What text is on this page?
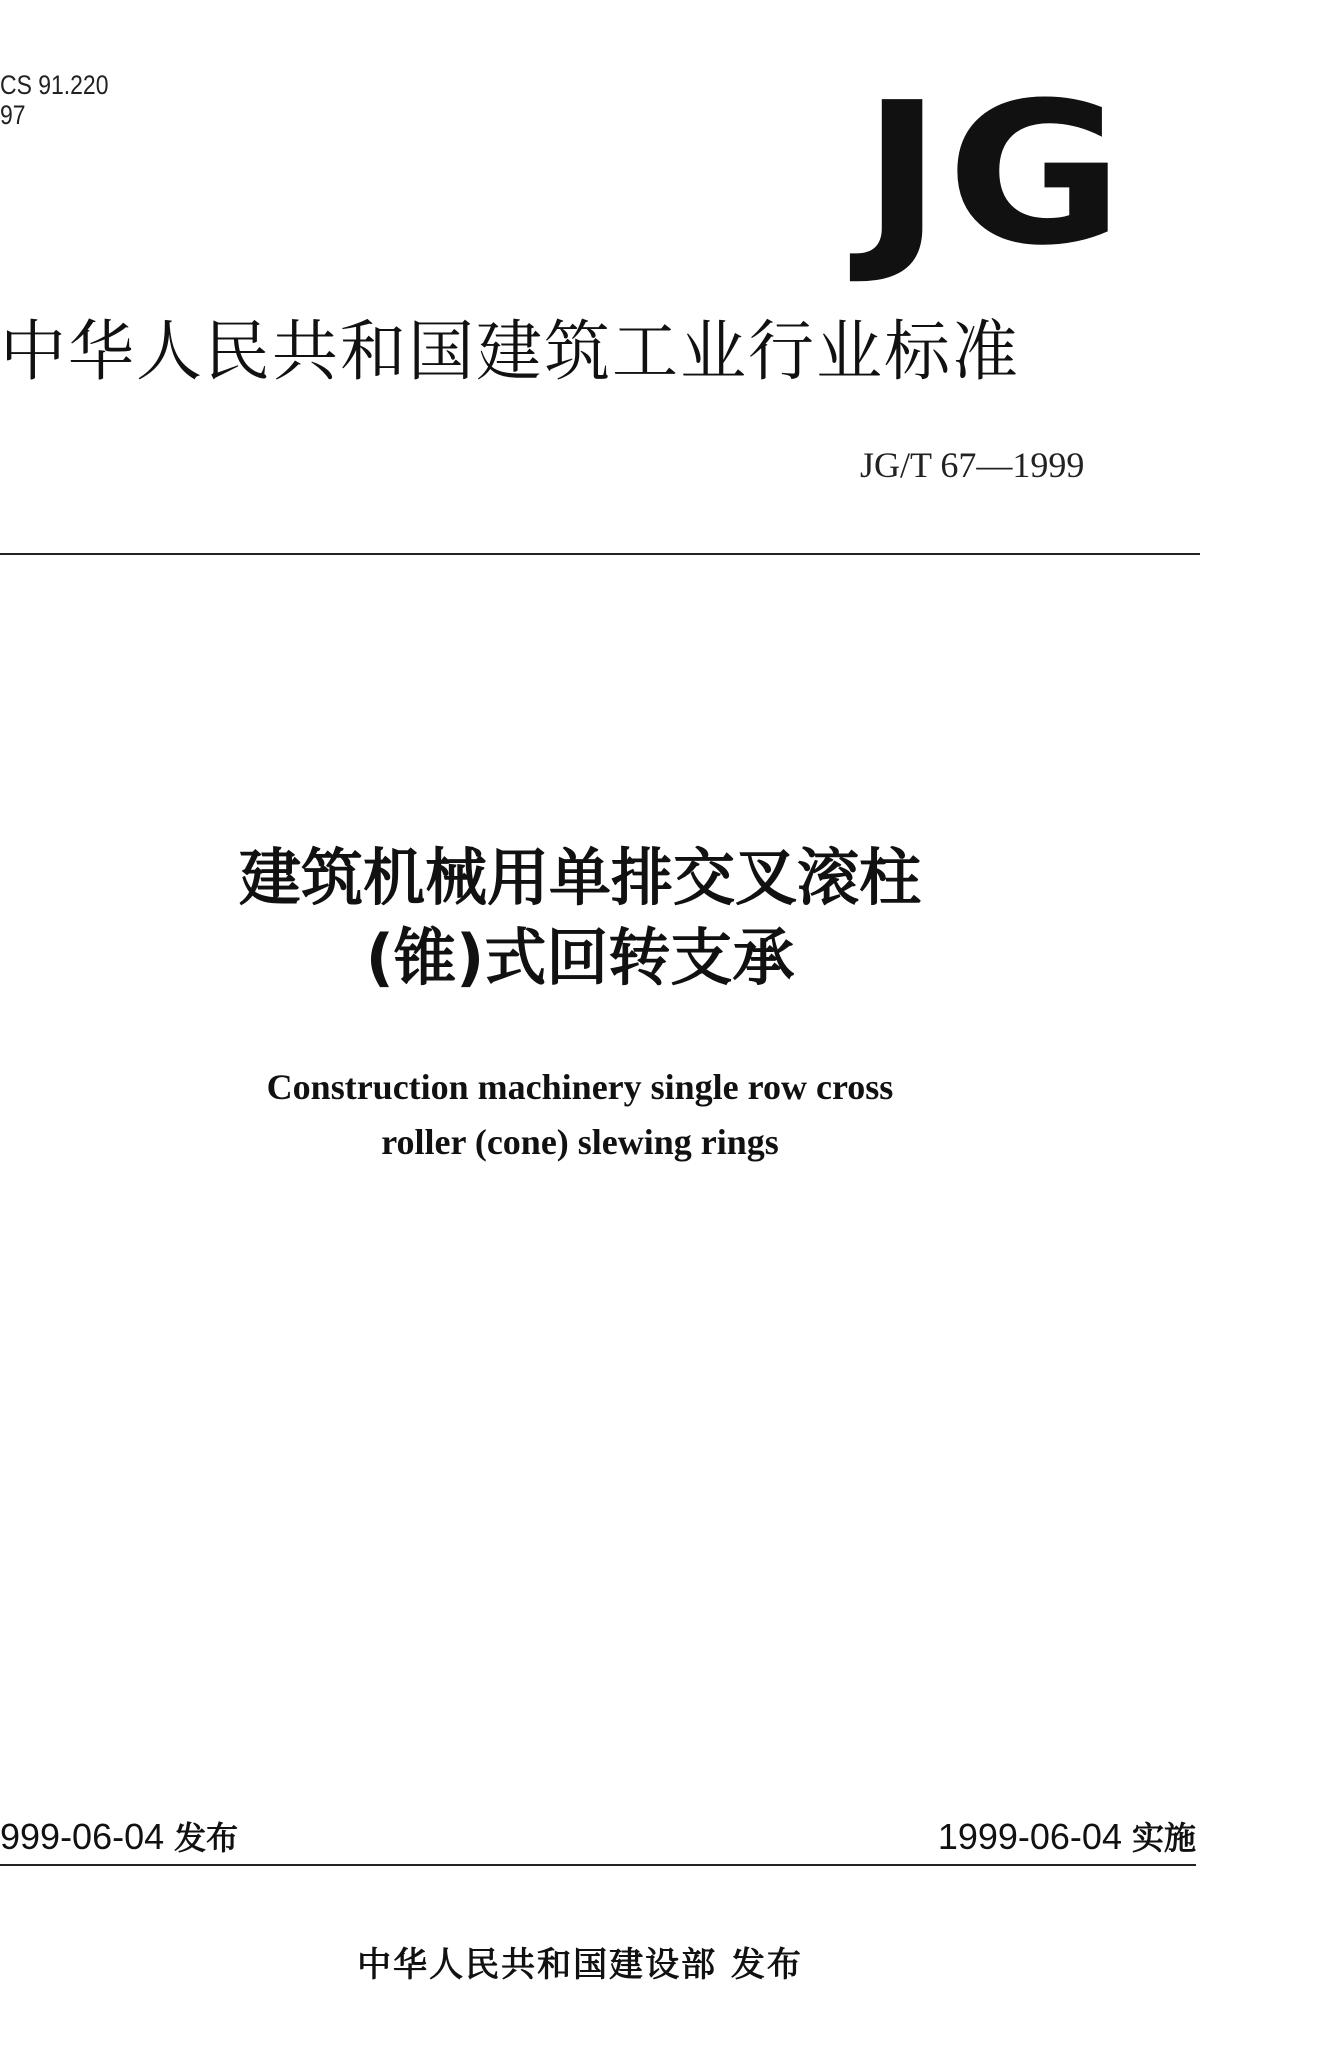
CS 91.220
97	JG
中华人民共和国建筑工业行业标准
JG/T 67—1999
建筑机械用单排交叉滚柱
(锥)式回转支承
Construction machinery single row cross
roller (cone) slewing rings
999-06-04 发布	1999-06-04 实施
中华人民共和国建设部 发布
